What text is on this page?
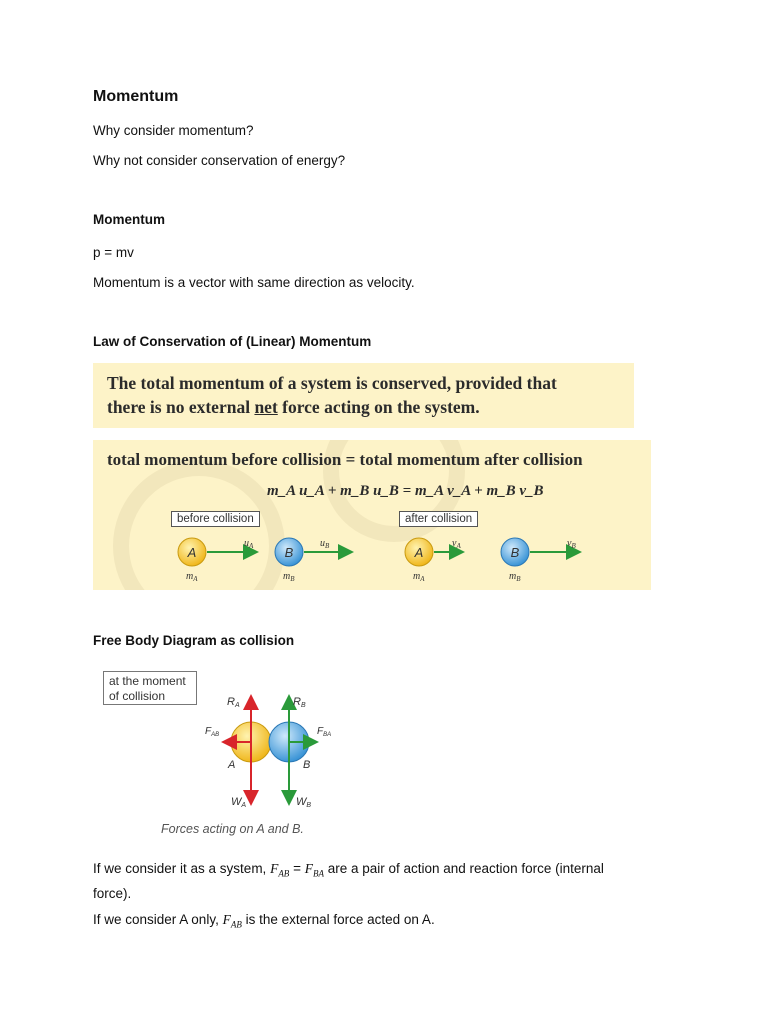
Momentum
Why consider momentum?
Why not consider conservation of energy?
Momentum
p = mv
Momentum is a vector with same direction as velocity.
Law of Conservation of (Linear) Momentum
The total momentum of a system is conserved, provided that
there is no external net force acting on the system.
total momentum before collision = total momentum after collision
m_A u_A + m_B u_B = m_A v_A + m_B v_B
before collision	after collision
A
$u_A$
$m_A$
B
$u_B$
$m_B$
A
$v_A$
$m_A$
B
$v_B$
$m_B$
Free Body Diagram as collision
at the moment
of collision	RA	RB
$F_{AB}$	$F_{BA}$
A	B
WA	WB
Forces acting on A and B.
If we consider it as a system, $F_{AB} = F_{BA}$ are a pair of action and reaction force (internal
force).
If we consider A only, $F_{AB}$ is the external force acted on A.
